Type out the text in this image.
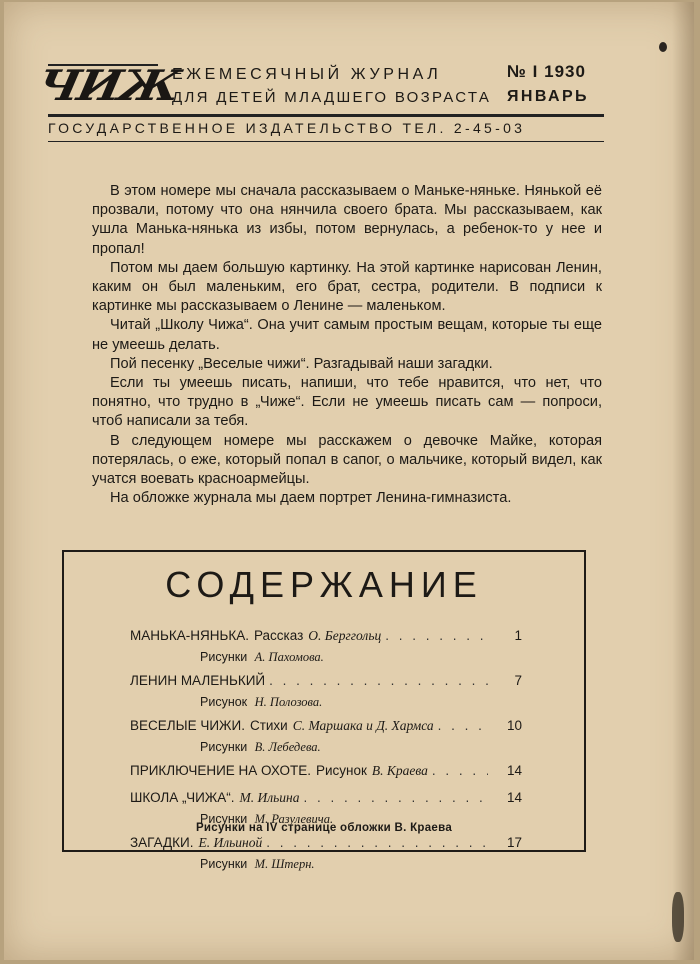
ЧИЖ
ЕЖЕМЕСЯЧНЫЙ ЖУРНАЛ
ДЛЯ ДЕТЕЙ МЛАДШЕГО ВОЗРАСТА
№ I 1930
ЯНВАРЬ
ГОСУДАРСТВЕННОЕ ИЗДАТЕЛЬСТВО ТЕЛ. 2-45-03

В этом номере мы сначала рассказываем о Маньке-няньке. Нянькой её прозвали, потому что она нянчила своего брата. Мы рассказываем, как ушла Манька-нянька из избы, потом вернулась, а ребенок-то у нее и пропал!

Потом мы даем большую картинку. На этой картинке нарисован Ленин, каким он был маленьким, его брат, сестра, родители. В подписи к картинке мы рассказываем о Ленине — маленьком.

Читай „Школу Чижа“. Она учит самым простым вещам, которые ты еще не умеешь делать.

Пой песенку „Веселые чижи“. Разгадывай наши загадки.

Если ты умеешь писать, напиши, что тебе нравится, что нет, что понятно, что трудно в „Чиже“. Если не умеешь писать сам — попроси, чтоб написали за тебя.

В следующем номере мы расскажем о девочке Майке, которая потерялась, о еже, который попал в сапог, о мальчике, который видел, как учатся воевать красноармейцы.

На обложке журнала мы даем портрет Ленина-гимназиста.

СОДЕРЖАНИЕ
МАНЬКА-НЯНЬКА. Рассказ О. Берггольц . . .	1
Рисунки А. Пахомова.
ЛЕНИН МАЛЕНЬКИЙ . . .	7
Рисунок Н. Полозова.
ВЕСЕЛЫЕ ЧИЖИ. Стихи С. Маршака и Д. Хармса . . .	10
Рисунки В. Лебедева.
ПРИКЛЮЧЕНИЕ НА ОХОТЕ. Рисунок В. Краева . . .	14
ШКОЛА „ЧИЖА“. М. Ильина . . .	14
Рисунки М. Разулевича.
ЗАГАДКИ. Е. Ильиной . . .	17
Рисунки М. Штерн.
Рисунки на IV странице обложки В. Краева
